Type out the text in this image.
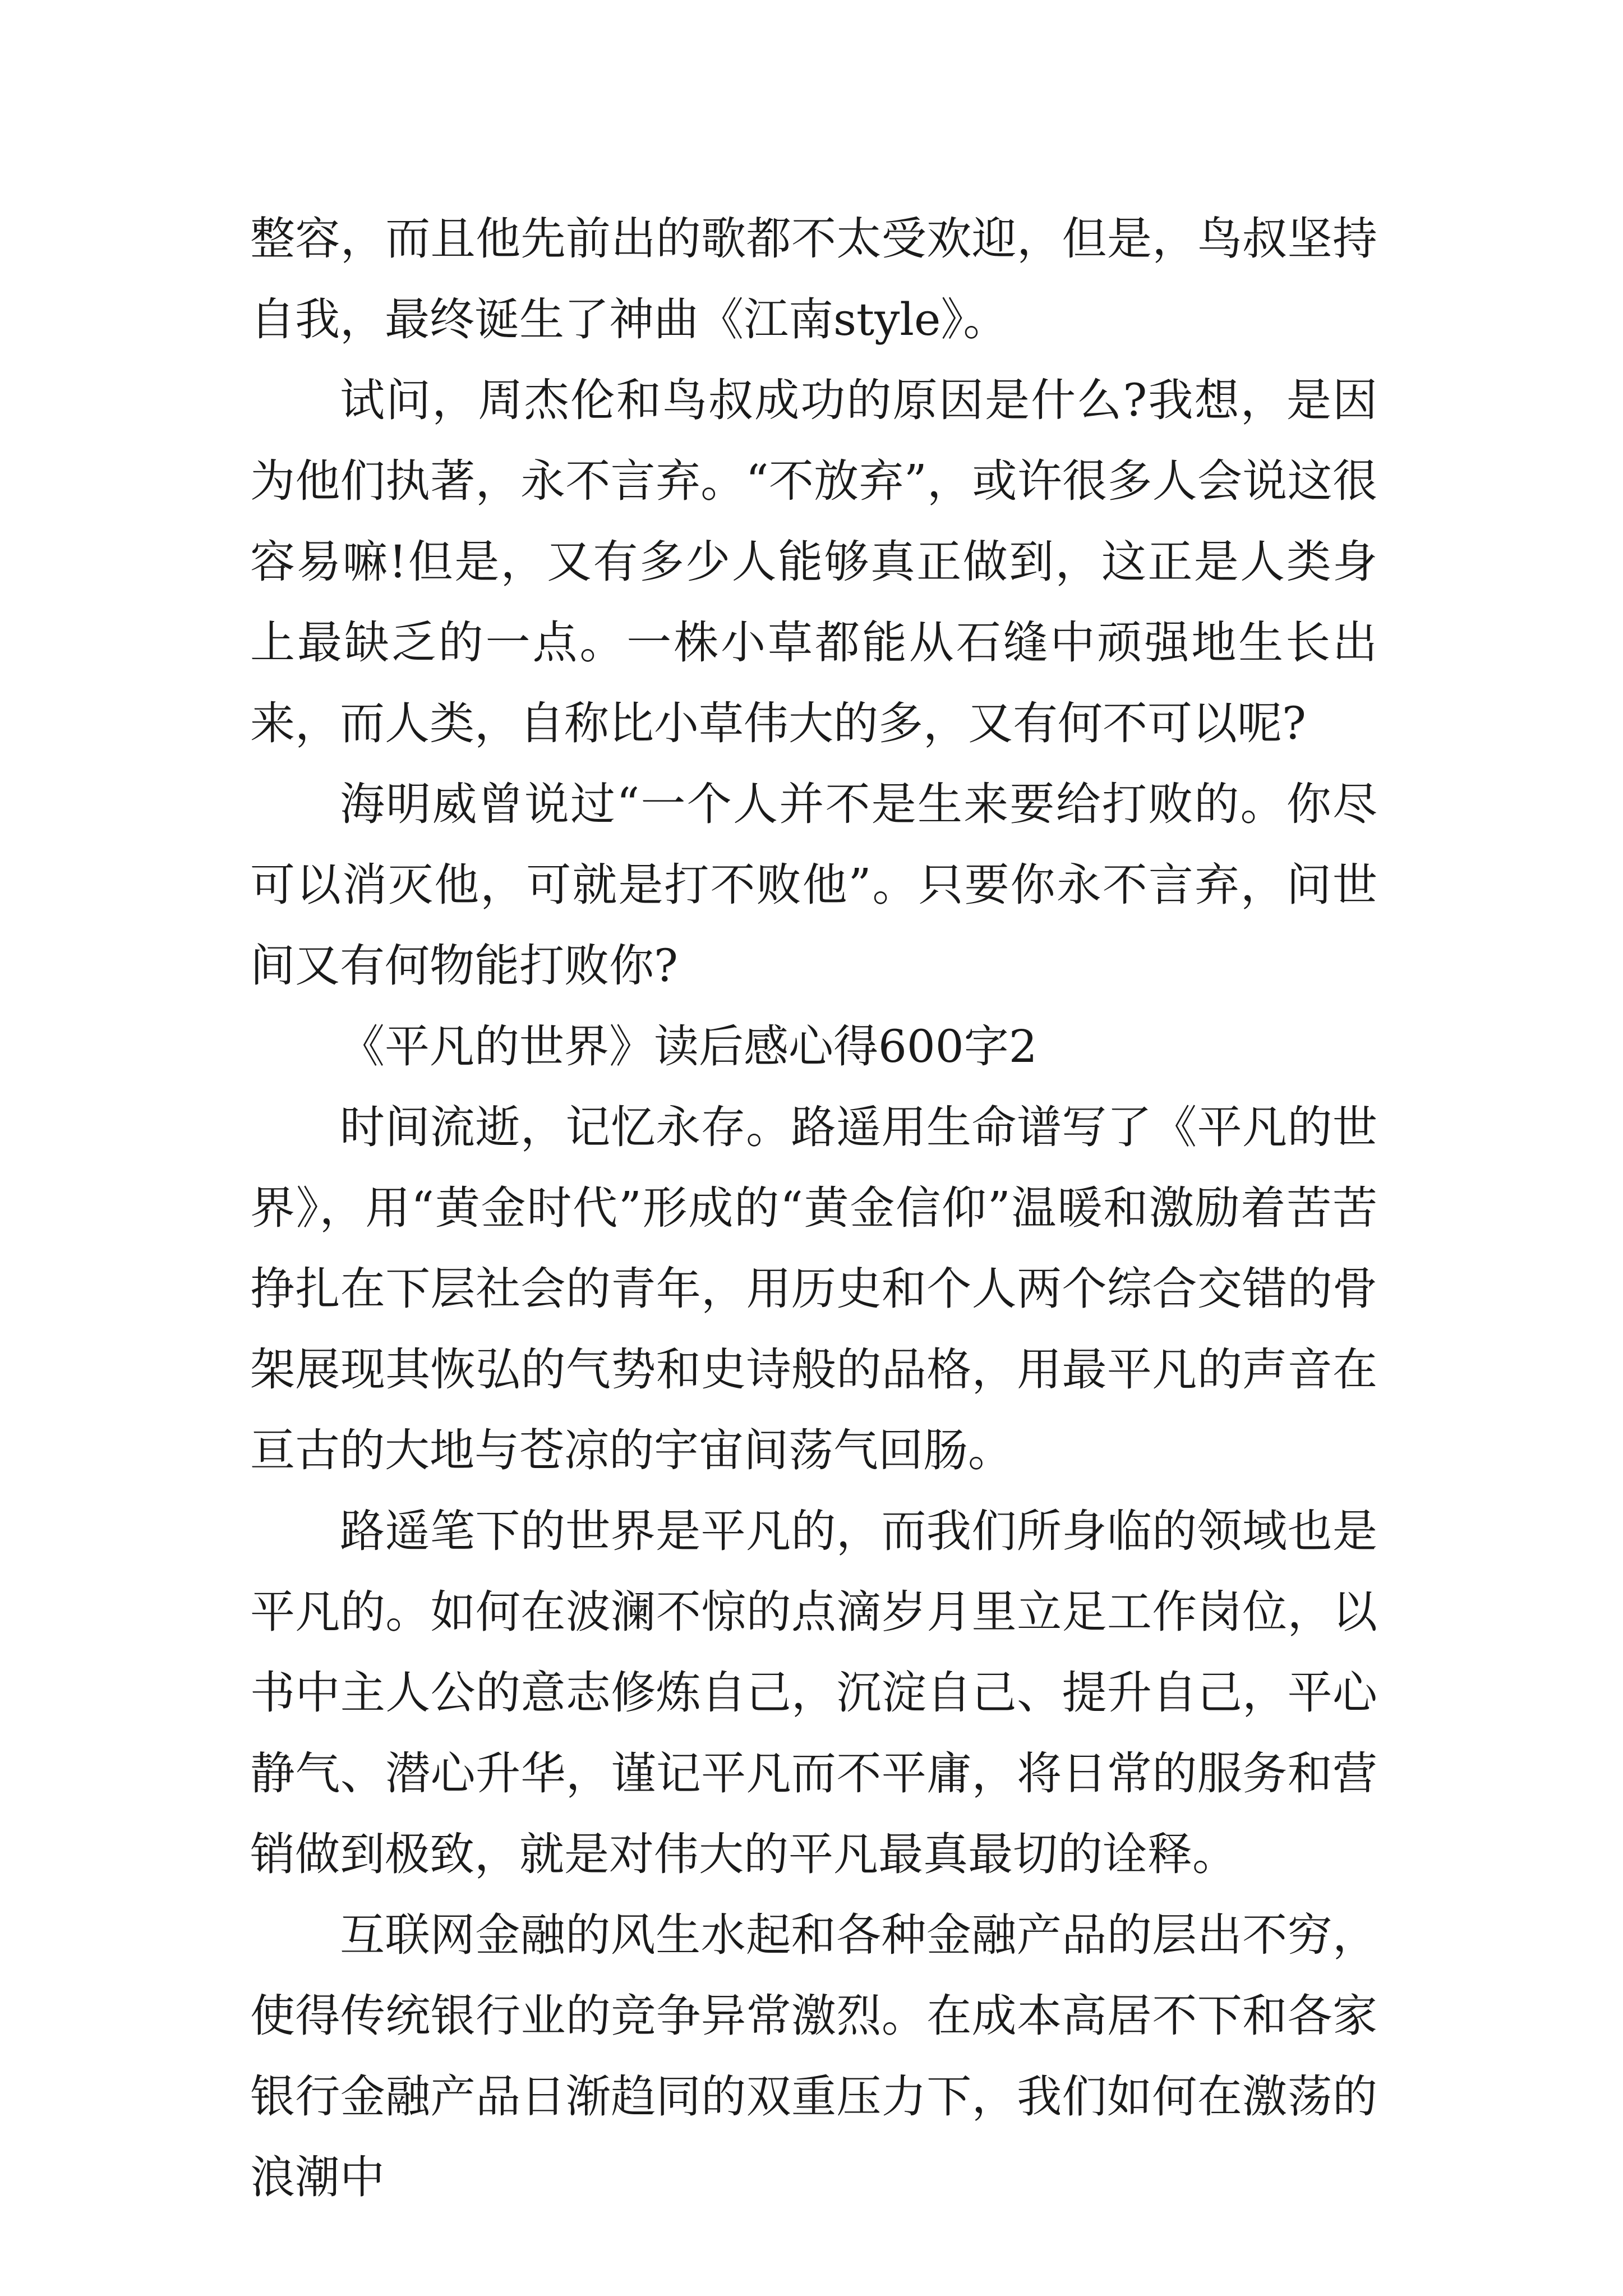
整容，而且他先前出的歌都不太受欢迎，但是，鸟叔坚持自我，最终诞生了神曲《江南style》。

试问，周杰伦和鸟叔成功的原因是什么?我想，是因为他们执著，永不言弃。“不放弃”，或许很多人会说这很容易嘛!但是，又有多少人能够真正做到，这正是人类身上最缺乏的一点。一株小草都能从石缝中顽强地生长出来，而人类，自称比小草伟大的多，又有何不可以呢?

海明威曾说过“一个人并不是生来要给打败的。你尽可以消灭他，可就是打不败他”。只要你永不言弃，问世间又有何物能打败你?

《平凡的世界》读后感心得600字2

时间流逝，记忆永存。路遥用生命谱写了《平凡的世界》，用“黄金时代”形成的“黄金信仰”温暖和激励着苦苦挣扎在下层社会的青年，用历史和个人两个综合交错的骨架展现其恢弘的气势和史诗般的品格，用最平凡的声音在亘古的大地与苍凉的宇宙间荡气回肠。

路遥笔下的世界是平凡的，而我们所身临的领域也是平凡的。如何在波澜不惊的点滴岁月里立足工作岗位，以书中主人公的意志修炼自己，沉淀自己、提升自己，平心静气、潜心升华，谨记平凡而不平庸，将日常的服务和营销做到极致，就是对伟大的平凡最真最切的诠释。

互联网金融的风生水起和各种金融产品的层出不穷，使得传统银行业的竞争异常激烈。在成本高居不下和各家银行金融产品日渐趋同的双重压力下，我们如何在激荡的浪潮中
